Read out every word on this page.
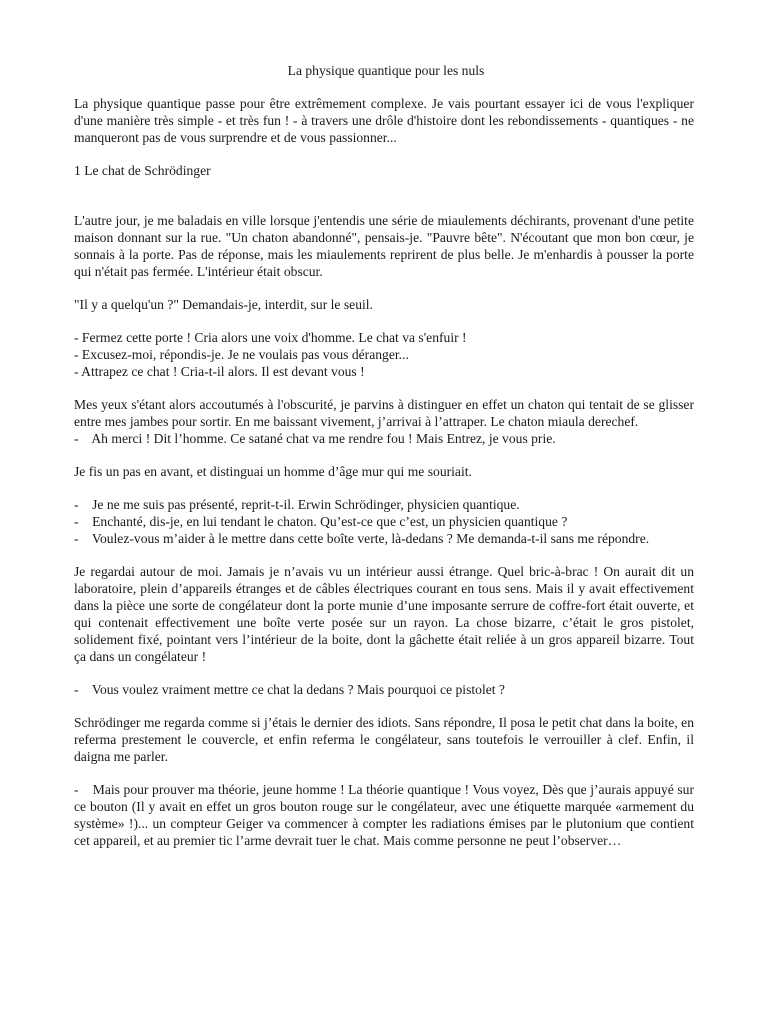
La physique quantique pour les nuls

La physique quantique passe pour être extrêmement complexe. Je vais pourtant essayer ici de vous l'expliquer d'une manière très simple - et très fun ! - à travers une drôle d'histoire dont les rebondissements - quantiques - ne manqueront pas de vous surprendre et de vous passionner...

1 Le chat de Schrödinger

L'autre jour, je me baladais en ville lorsque j'entendis une série de miaulements déchirants, provenant d'une petite maison donnant sur la rue. "Un chaton abandonné", pensais-je. "Pauvre bête". N'écoutant que mon bon cœur, je sonnais à la porte. Pas de réponse, mais les miaulements reprirent de plus belle. Je m'enhardis à pousser la porte qui n'était pas fermée. L'intérieur était obscur.

"Il y a quelqu'un ?" Demandais-je, interdit, sur le seuil.

- Fermez cette porte ! Cria alors une voix d'homme. Le chat va s'enfuir !

- Excusez-moi, répondis-je. Je ne voulais pas vous déranger...

- Attrapez ce chat ! Cria-t-il alors. Il est devant vous !

Mes yeux s'étant alors accoutumés à l'obscurité, je parvins à distinguer en effet un chaton qui tentait de se glisser entre mes jambes pour sortir. En me baissant vivement, j’arrivai à l’attraper. Le chaton miaula derechef.

-    Ah merci ! Dit l’homme. Ce satané chat va me rendre fou ! Mais Entrez, je vous prie.

Je fis un pas en avant, et distinguai un homme d’âge mur qui me souriait.

-    Je ne me suis pas présenté, reprit-t-il. Erwin Schrödinger, physicien quantique.

-    Enchanté, dis-je, en lui tendant le chaton. Qu’est-ce que c’est, un physicien quantique ?

-    Voulez-vous m’aider à le mettre dans cette boîte verte, là-dedans ? Me demanda-t-il sans me répondre.

Je regardai autour de moi. Jamais je n’avais vu un intérieur aussi étrange. Quel bric-à-brac ! On aurait dit un laboratoire, plein d’appareils étranges et de câbles électriques courant en tous sens. Mais il y avait effectivement dans la pièce une sorte de congélateur dont la porte munie d’une imposante serrure de coffre-fort était ouverte, et qui contenait effectivement une boîte verte posée sur un rayon. La chose bizarre, c’était le gros pistolet, solidement fixé, pointant vers l’intérieur de la boite, dont la gâchette était reliée à un gros appareil bizarre. Tout ça dans un congélateur !

-    Vous voulez vraiment mettre ce chat la dedans ? Mais pourquoi ce pistolet ?

Schrödinger me regarda comme si j’étais le dernier des idiots. Sans répondre, Il posa le petit chat dans la boite, en referma prestement le couvercle, et enfin referma le congélateur, sans toutefois le verrouiller à clef. Enfin, il daigna me parler.

-    Mais pour prouver ma théorie, jeune homme ! La théorie quantique ! Vous voyez, Dès que j’aurais appuyé sur ce bouton (Il y avait en effet un gros bouton rouge sur le congélateur, avec une étiquette marquée «armement du système» !)... un compteur Geiger va commencer à compter les radiations émises par le plutonium que contient cet appareil, et au premier tic l’arme devrait tuer le chat. Mais comme personne ne peut l’observer…
